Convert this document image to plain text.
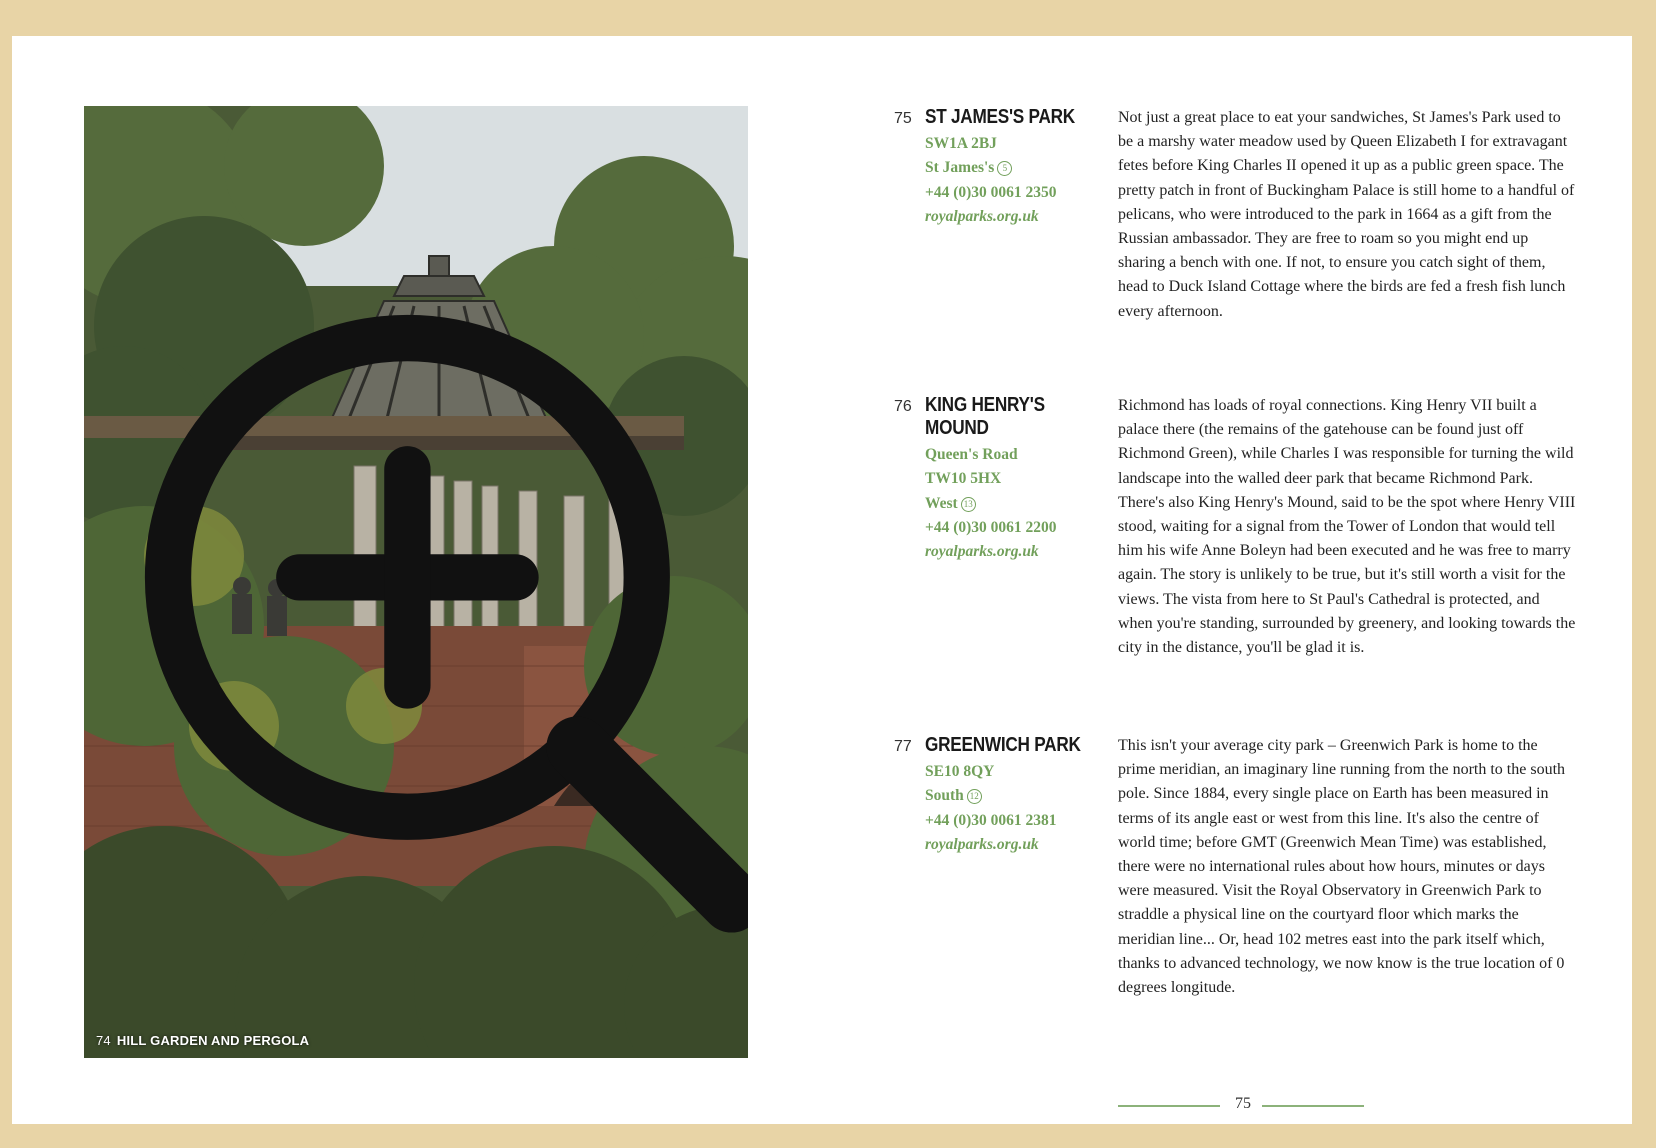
74 HILL GARDEN AND PERGOLA
75 ST JAMES'S PARK
SW1A 2BJ
St James's 5
+44 (0)30 0061 2350
royalparks.org.uk

Not just a great place to eat your sandwiches, St James's Park used to be a marshy water meadow used by Queen Elizabeth I for extravagant fetes before King Charles II opened it up as a public green space. The pretty patch in front of Buckingham Palace is still home to a handful of pelicans, who were introduced to the park in 1664 as a gift from the Russian ambassador. They are free to roam so you might end up sharing a bench with one. If not, to ensure you catch sight of them, head to Duck Island Cottage where the birds are fed a fresh fish lunch every afternoon.

76 KING HENRY'S
MOUND
Queen's Road
TW10 5HX
West 13
+44 (0)30 0061 2200
royalparks.org.uk

Richmond has loads of royal connections. King Henry VII built a palace there (the remains of the gatehouse can be found just off Richmond Green), while Charles I was responsible for turning the wild landscape into the walled deer park that became Richmond Park. There's also King Henry's Mound, said to be the spot where Henry VIII stood, waiting for a signal from the Tower of London that would tell him his wife Anne Boleyn had been executed and he was free to marry again. The story is unlikely to be true, but it's still worth a visit for the views. The vista from here to St Paul's Cathedral is protected, and when you're standing, surrounded by greenery, and looking towards the city in the distance, you'll be glad it is.

77 GREENWICH PARK
SE10 8QY
South 12
+44 (0)30 0061 2381
royalparks.org.uk

This isn't your average city park – Greenwich Park is home to the prime meridian, an imaginary line running from the north to the south pole. Since 1884, every single place on Earth has been measured in terms of its angle east or west from this line. It's also the centre of world time; before GMT (Greenwich Mean Time) was established, there were no international rules about how hours, minutes or days were measured. Visit the Royal Observatory in Greenwich Park to straddle a physical line on the courtyard floor which marks the meridian line... Or, head 102 metres east into the park itself which, thanks to advanced technology, we now know is the true location of 0 degrees longitude.

75
